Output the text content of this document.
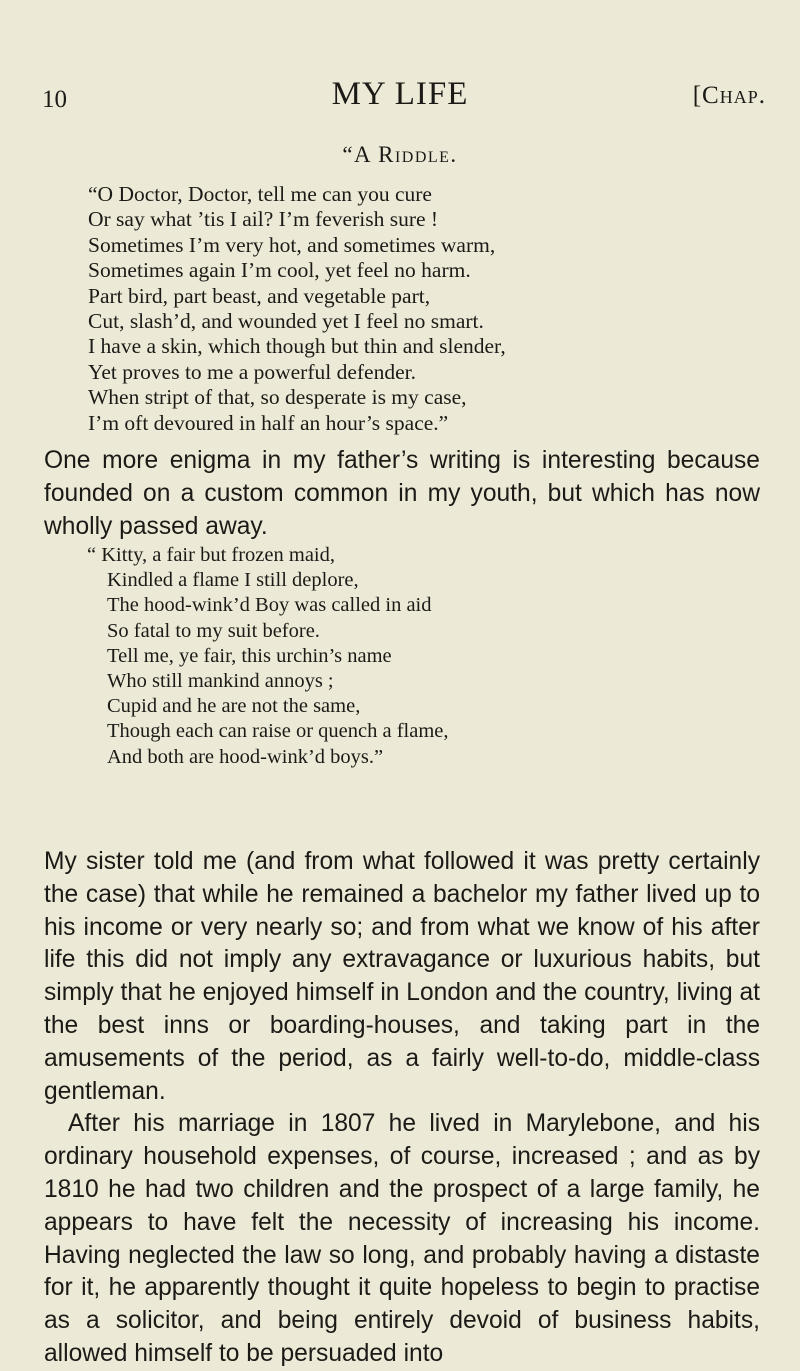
10	MY LIFE	[Chap.
“A Riddle.
“O Doctor, Doctor, tell me can you cure
Or say what ’tis I ail? I’m feverish sure !
Sometimes I’m very hot, and sometimes warm,
Sometimes again I’m cool, yet feel no harm.
Part bird, part beast, and vegetable part,
Cut, slash’d, and wounded yet I feel no smart.
I have a skin, which though but thin and slender,
Yet proves to me a powerful defender.
When stript of that, so desperate is my case,
I’m oft devoured in half an hour’s space.”

One more enigma in my father’s writing is interesting because founded on a custom common in my youth, but which has now wholly passed away.

“ Kitty, a fair but frozen maid,
Kindled a flame I still deplore,
The hood-wink’d Boy was called in aid
So fatal to my suit before.
Tell me, ye fair, this urchin’s name
Who still mankind annoys ;
Cupid and he are not the same,
Though each can raise or quench a flame,
And both are hood-wink’d boys.”

My sister told me (and from what followed it was pretty certainly the case) that while he remained a bachelor my father lived up to his income or very nearly so; and from what we know of his after life this did not imply any extravagance or luxurious habits, but simply that he enjoyed himself in London and the country, living at the best inns or boarding-houses, and taking part in the amusements of the period, as a fairly well-to-do, middle-class gentleman.

After his marriage in 1807 he lived in Marylebone, and his ordinary household expenses, of course, increased ; and as by 1810 he had two children and the prospect of a large family, he appears to have felt the necessity of increasing his income. Having neglected the law so long, and probably having a distaste for it, he apparently thought it quite hopeless to begin to practise as a solicitor, and being entirely devoid of business habits, allowed himself to be persuaded into
